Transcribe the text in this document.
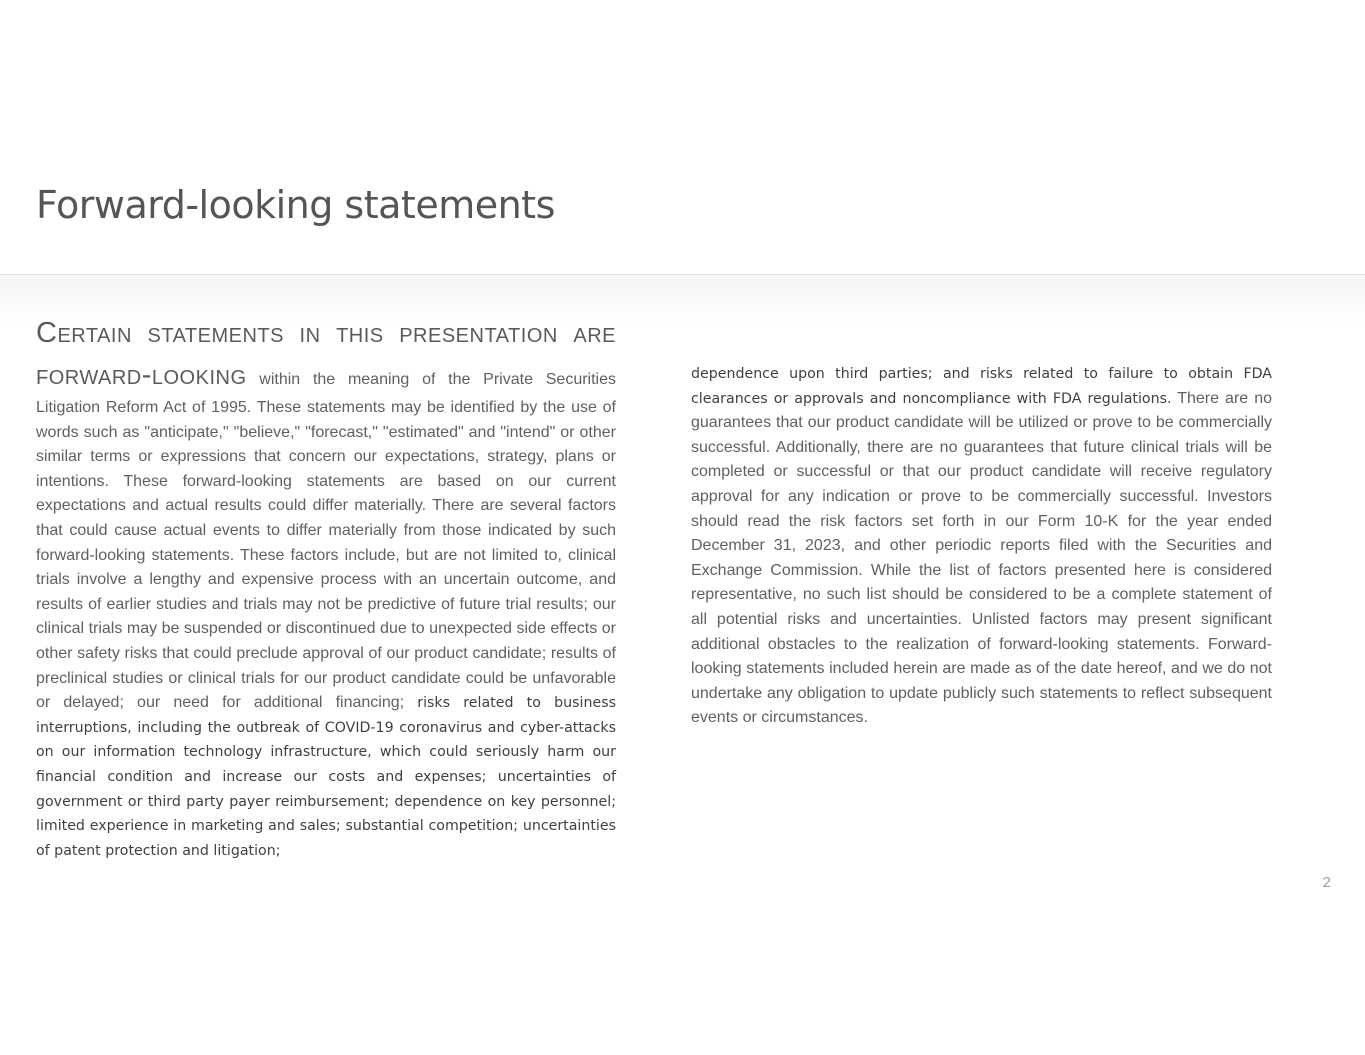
Forward-looking statements
Certain statements in this presentation are forward-looking within the meaning of the Private Securities Litigation Reform Act of 1995. These statements may be identified by the use of words such as "anticipate," "believe," "forecast," "estimated" and "intend" or other similar terms or expressions that concern our expectations, strategy, plans or intentions. These forward-looking statements are based on our current expectations and actual results could differ materially. There are several factors that could cause actual events to differ materially from those indicated by such forward-looking statements. These factors include, but are not limited to, clinical trials involve a lengthy and expensive process with an uncertain outcome, and results of earlier studies and trials may not be predictive of future trial results; our clinical trials may be suspended or discontinued due to unexpected side effects or other safety risks that could preclude approval of our product candidate; results of preclinical studies or clinical trials for our product candidate could be unfavorable or delayed; our need for additional financing; risks related to business interruptions, including the outbreak of COVID-19 coronavirus and cyber-attacks on our information technology infrastructure, which could seriously harm our financial condition and increase our costs and expenses; uncertainties of government or third party payer reimbursement; dependence on key personnel; limited experience in marketing and sales; substantial competition; uncertainties of patent protection and litigation;
dependence upon third parties; and risks related to failure to obtain FDA clearances or approvals and noncompliance with FDA regulations. There are no guarantees that our product candidate will be utilized or prove to be commercially successful. Additionally, there are no guarantees that future clinical trials will be completed or successful or that our product candidate will receive regulatory approval for any indication or prove to be commercially successful. Investors should read the risk factors set forth in our Form 10-K for the year ended December 31, 2023, and other periodic reports filed with the Securities and Exchange Commission. While the list of factors presented here is considered representative, no such list should be considered to be a complete statement of all potential risks and uncertainties. Unlisted factors may present significant additional obstacles to the realization of forward-looking statements. Forward-looking statements included herein are made as of the date hereof, and we do not undertake any obligation to update publicly such statements to reflect subsequent events or circumstances.
2
